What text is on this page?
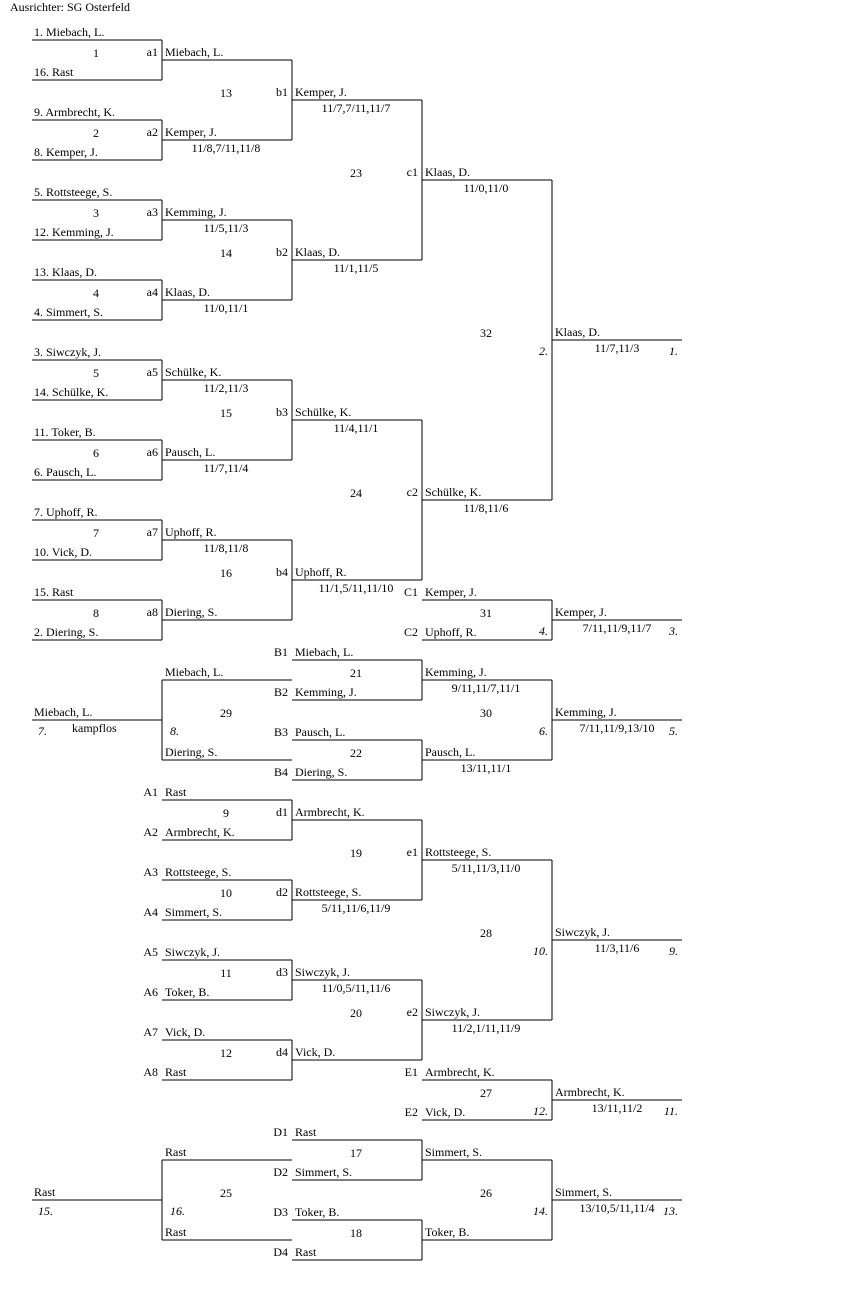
Ausrichter: SG Osterfeld
1. Miebach, L.
16. Rast
9. Armbrecht, K.
8. Kemper, J.
5. Rottsteege, S.
12. Kemming, J.
13. Klaas, D.
4. Simmert, S.
3. Siwczyk, J.
14. Schülke, K.
11. Toker, B.
6. Pausch, L.
7. Uphoff, R.
10. Vick, D.
15. Rast
2. Diering, S.
1	a1 Miebach, L.
2	a2 Kemper, J.
11/8,7/11,11/8
3	a3 Kemming, J.
11/5,11/3
4	a4 Klaas, D.
11/0,11/1
5	a5 Schülke, K.
11/2,11/3
6	a6 Pausch, L.
11/7,11/4
7	a7 Uphoff, R.
11/8,11/8
8	a8 Diering, S.
13	b1 Kemper, J.
11/7,7/11,11/7
14	b2 Klaas, D.
11/1,11/5
15	b3 Schülke, K.
11/4,11/1
16	b4 Uphoff, R.
11/1,5/11,11/10
23	c1 Klaas, D.
11/0,11/0
24	c2 Schülke, K.
11/8,11/6
32
2.
Klaas, D.
11/7,11/3 1.
C1 Kemper, J.
C2 Uphoff, R.
31
4.
Kemper, J.
7/11,11/9,11/7 3.
B1 Miebach, L.
B2 Kemming, J.
B3 Pausch, L.
B4 Diering, S.
21	Kemming, J.
9/11,11/7,11/1
22	Pausch, L.
13/11,11/1
30
6.
Kemming, J.
7/11,11/9,13/10 5.
Miebach, L.
Diering, S.
29
8.
Miebach, L.
7. kampflos
A1 Rast
A2 Armbrecht, K.
A3 Rottsteege, S.
A4 Simmert, S.
A5 Siwczyk, J.
A6 Toker, B.
A7 Vick, D.
A8 Rast
9	d1 Armbrecht, K.
10	d2 Rottsteege, S.
5/11,11/6,11/9
11	d3 Siwczyk, J.
11/0,5/11,11/6
12	d4 Vick, D.
19	e1 Rottsteege, S.
5/11,11/3,11/0
20	e2 Siwczyk, J.
11/2,1/11,11/9
28
10.
Siwczyk, J.
11/3,11/6 9.
E1 Armbrecht, K.
E2 Vick, D.
27
12.
Armbrecht, K.
13/11,11/2 11.
D1 Rast
D2 Simmert, S.
D3 Toker, B.
D4 Rast
17	Simmert, S.
18	Toker, B.
26
14.
Simmert, S.
13/10,5/11,11/4 13.
Rast
Rast
25
16.
Rast
15.
